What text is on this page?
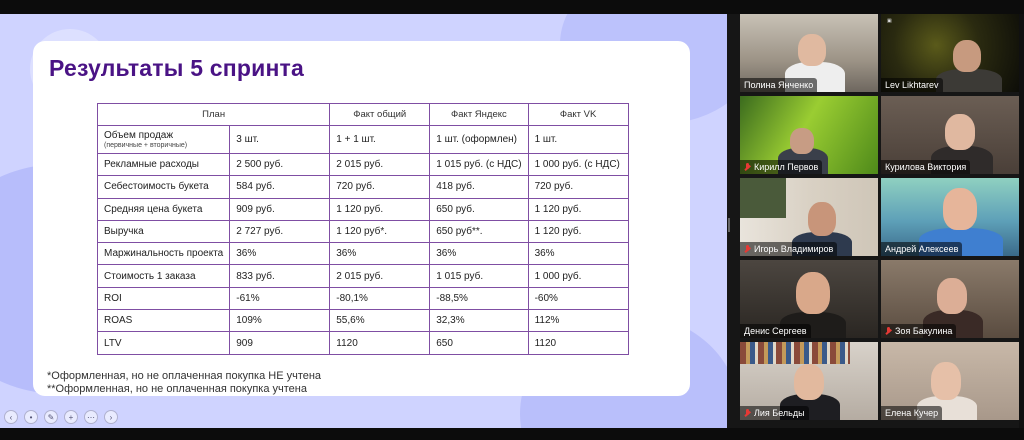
Результаты 5 спринта
План		Факт общий	Факт Яндекс	Факт VK

Объем продаж
(первичные + вторичные)	3 шт.	1 + 1 шт.	1 шт. (оформлен)	1 шт.
Рекламные расходы	2 500 руб.	2 015 руб.	1 015 руб. (с НДС)	1 000 руб. (с НДС)
Себестоимость букета	584 руб.	720 руб.	418 руб.	720 руб.
Средняя цена букета	909 руб.	1 120 руб.	650 руб.	1 120 руб.
Выручка	2 727 руб.	1 120 руб*.	650 руб**.	1 120 руб.
Маржинальность проекта	36%	36%	36%	36%
Стоимость 1 заказа	833 руб.	2 015 руб.	1 015 руб.	1 000 руб.
ROI	-61%	-80,1%	-88,5%	-60%
ROAS	109%	55,6%	32,3%	112%
LTV	909	1120	650	1120
*Оформленная, но не оплаченная покупка НЕ учтена
**Оформленная, но не оплаченная покупка учтена
‹	•	✎	+	⋯	›
Полина Янченко
▣
Lev Likhtarev
Кирилл Первов	Курилова Виктория
Игорь Владимиров	Андрей Алексеев
Денис Сергеев	Зоя Бакулина
Лия Бельды	Елена Кучер
